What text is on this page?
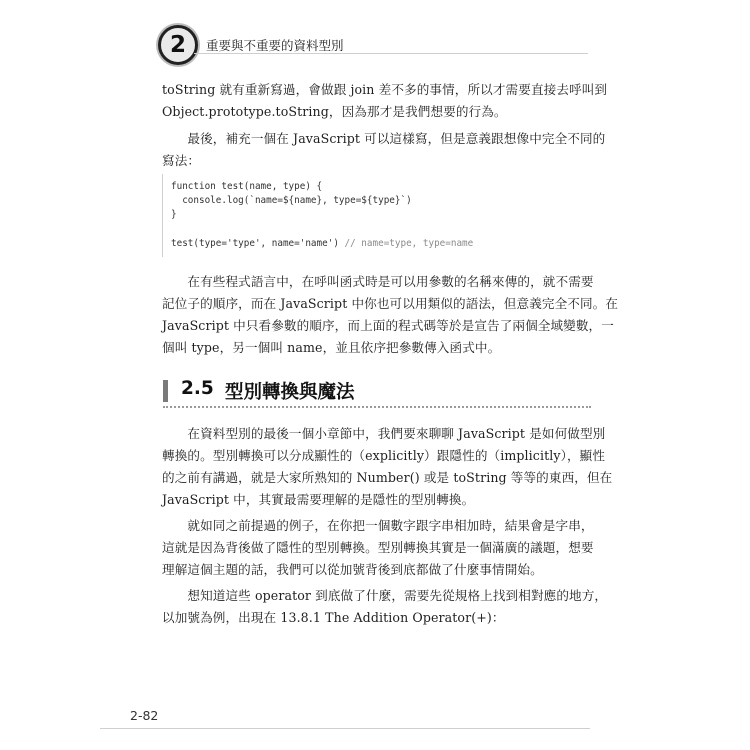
2	重要與不重要的資料型別
toString 就有重新寫過，會做跟 join 差不多的事情，所以才需要直接去呼叫到
Object.prototype.toString，因為那才是我們想要的行為。
　　最後，補充一個在 JavaScript 可以這樣寫，但是意義跟想像中完全不同的
寫法：
function test(name, type) {
console.log(`name=${name}, type=${type}`)
}
test(type='type', name='name') // name=type, type=name
　　在有些程式語言中，在呼叫函式時是可以用參數的名稱來傳的，就不需要
記位子的順序，而在 JavaScript 中你也可以用類似的語法，但意義完全不同。在
JavaScript 中只看參數的順序，而上面的程式碼等於是宣告了兩個全域變數，一
個叫 type，另一個叫 name，並且依序把參數傳入函式中。
2.5 型別轉換與魔法
　　在資料型別的最後一個小章節中，我們要來聊聊 JavaScript 是如何做型別
轉換的。型別轉換可以分成顯性的（explicitly）跟隱性的（implicitly），顯性
的之前有講過，就是大家所熟知的 Number() 或是 toString 等等的東西，但在
JavaScript 中，其實最需要理解的是隱性的型別轉換。
　　就如同之前提過的例子，在你把一個數字跟字串相加時，結果會是字串，
這就是因為背後做了隱性的型別轉換。型別轉換其實是一個滿廣的議題，想要
理解這個主題的話，我們可以從加號背後到底都做了什麼事情開始。
　　想知道這些 operator 到底做了什麼，需要先從規格上找到相對應的地方，
以加號為例，出現在 13.8.1 The Addition Operator(+)：
2-82
